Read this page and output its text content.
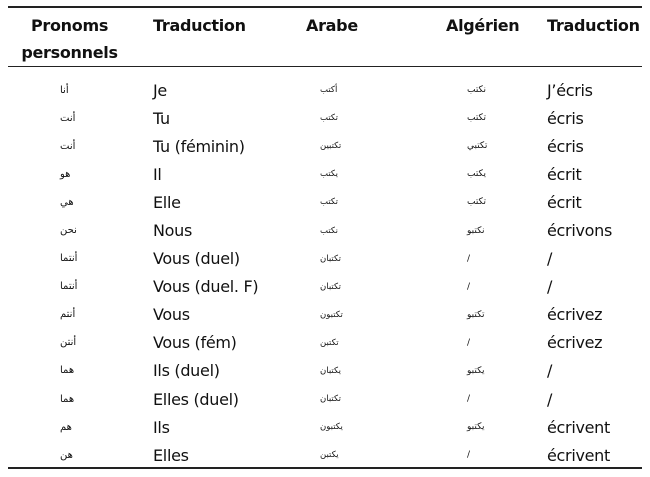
Pronoms personnels	Traduction	Arabe	Algérien	Traduction
أنا	Je	أكتب	نكتب	J’écris
أنت	Tu	تكتب	تكتب	écris
أنت	Tu (féminin)	تكتبين	تكتبي	écris
هو	Il	يكتب	يكتب	écrit
هي	Elle	تكتب	تكتب	écrit
نحن	Nous	نكتب	نكتبو	écrivons
أنتما	Vous (duel)	تكتبان	/	/
أنتما	Vous (duel. F)	تكتبان	/	/
أنتم	Vous	تكتبون	تكتبو	écrivez
أنتن	Vous (fém)	تكتبن	/	écrivez
هما	Ils (duel)	يكتبان	يكتبو	/
هما	Elles (duel)	تكتبان	/	/
هم	Ils	يكتبون	يكتبو	écrivent
هن	Elles	يكتبن	/	écrivent
